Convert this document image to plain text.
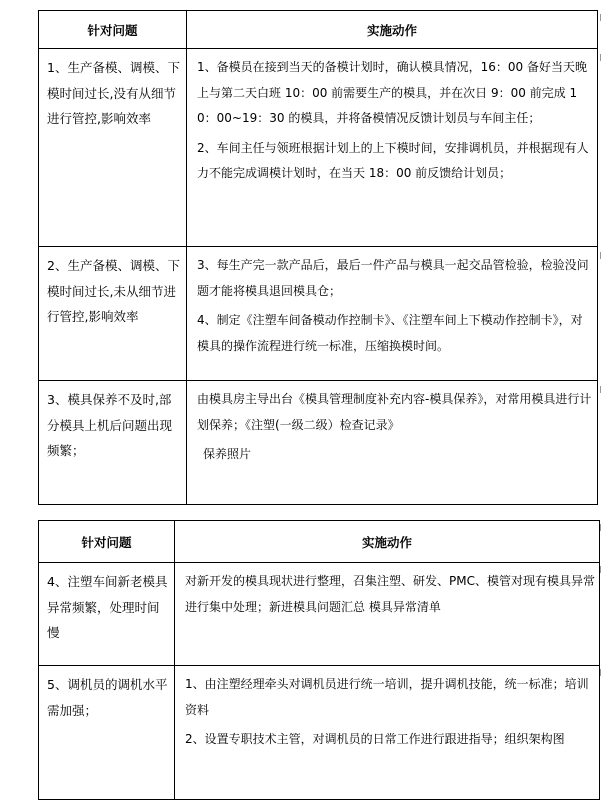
针对问题	实施动作
1、生产备模、调模、下模时间过长,没有从细节进行管控,影响效率	1、备模员在接到当天的备模计划时，确认模具情况，16：00 备好当天晚上与第二天白班 10：00 前需要生产的模具，并在次日 9：00 前完成 10：00~19：30 的模具，并将备模情况反馈计划员与车间主任；

2、车间主任与领班根据计划上的上下模时间，安排调机员，并根据现有人力不能完成调模计划时，在当天 18：00 前反馈给计划员；

2、生产备模、调模、下模时间过长,未从细节进行管控,影响效率	3、每生产完一款产品后，最后一件产品与模具一起交品管检验，检验没问题才能将模具退回模具仓；

4、制定《注塑车间备模动作控制卡》、《注塑车间上下模动作控制卡》，对模具的操作流程进行统一标准，压缩换模时间。

3、模具保养不及时,部分模具上机后问题出现频繁；	由模具房主导出台《模具管理制度补充内容-模具保养》，对常用模具进行计划保养；《注塑(一级二级）检查记录》

保养照片

针对问题	实施动作
4、注塑车间新老模具异常频繁，处理时间慢	对新开发的模具现状进行整理，召集注塑、研发、PMC、模管对现有模具异常进行集中处理；新进模具问题汇总 模具异常清单

5、调机员的调机水平需加强；	1、由注塑经理牵头对调机员进行统一培训，提升调机技能，统一标准；培训资料

2、设置专职技术主管，对调机员的日常工作进行跟进指导；组织架构图
